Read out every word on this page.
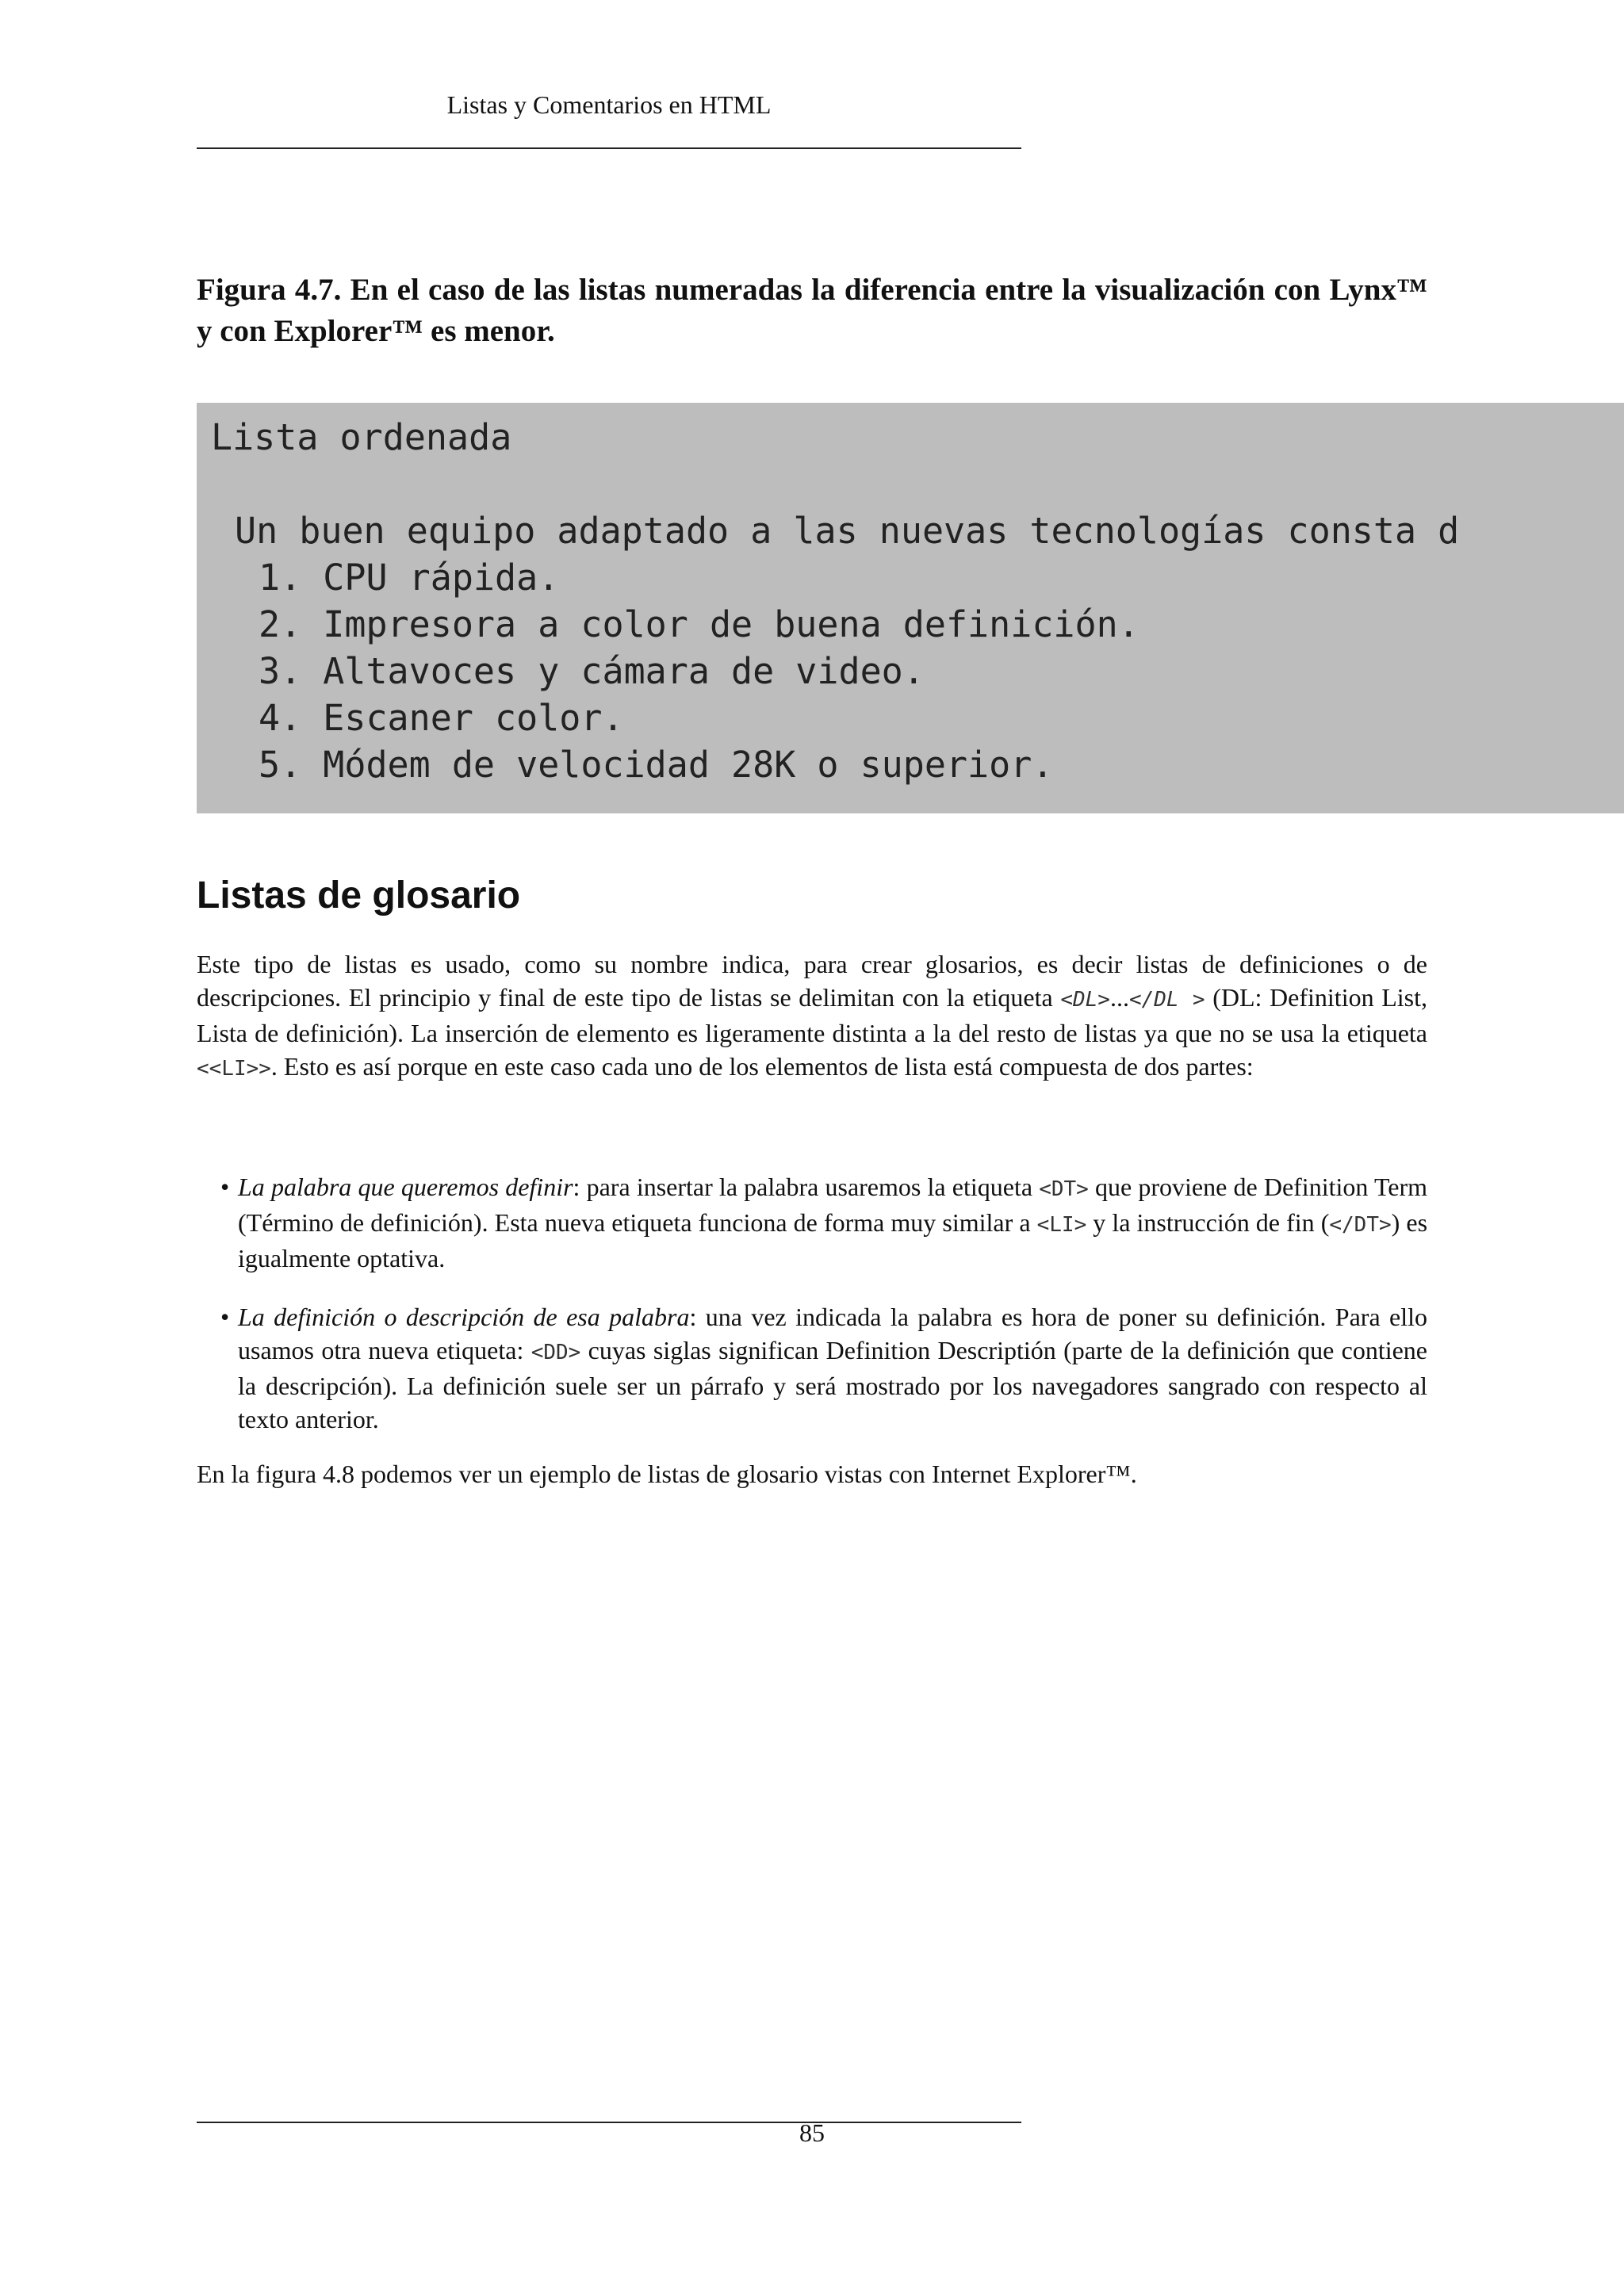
Listas y Comentarios en HTML
Figura 4.7. En el caso de las listas numeradas la diferencia entre la visualización con Lynx™ y con Explorer™ es menor.

Lista ordenada

Un buen equipo adaptado a las nuevas tecnologías consta d

1. CPU rápida.

2. Impresora a color de buena definición.

3. Altavoces y cámara de video.

4. Escaner color.

5. Módem de velocidad 28K o superior.

Listas de glosario

Este tipo de listas es usado, como su nombre indica, para crear glosarios, es decir listas de definiciones o de descripciones. El principio y final de este tipo de listas se delimitan con la etiqueta <DL>...</DL > (DL: Definition List, Lista de definición). La inserción de elemento es ligeramente distinta a la del resto de listas ya que no se usa la etiqueta <<LI>>. Esto es así porque en este caso cada uno de los elementos de lista está compuesta de dos partes:

• La palabra que queremos definir: para insertar la palabra usaremos la etiqueta <DT> que proviene de Definition Term (Término de definición). Esta nueva etiqueta funciona de forma muy similar a <LI> y la instrucción de fin (</DT>) es igualmente optativa.
• La definición o descripción de esa palabra: una vez indicada la palabra es hora de poner su definición. Para ello usamos otra nueva etiqueta: <DD> cuyas siglas significan Definition Descriptión (parte de la definición que contiene la descripción). La definición suele ser un párrafo y será mostrado por los navegadores sangrado con respecto al texto anterior.

En la figura 4.8 podemos ver un ejemplo de listas de glosario vistas con Internet Explorer™.

85
